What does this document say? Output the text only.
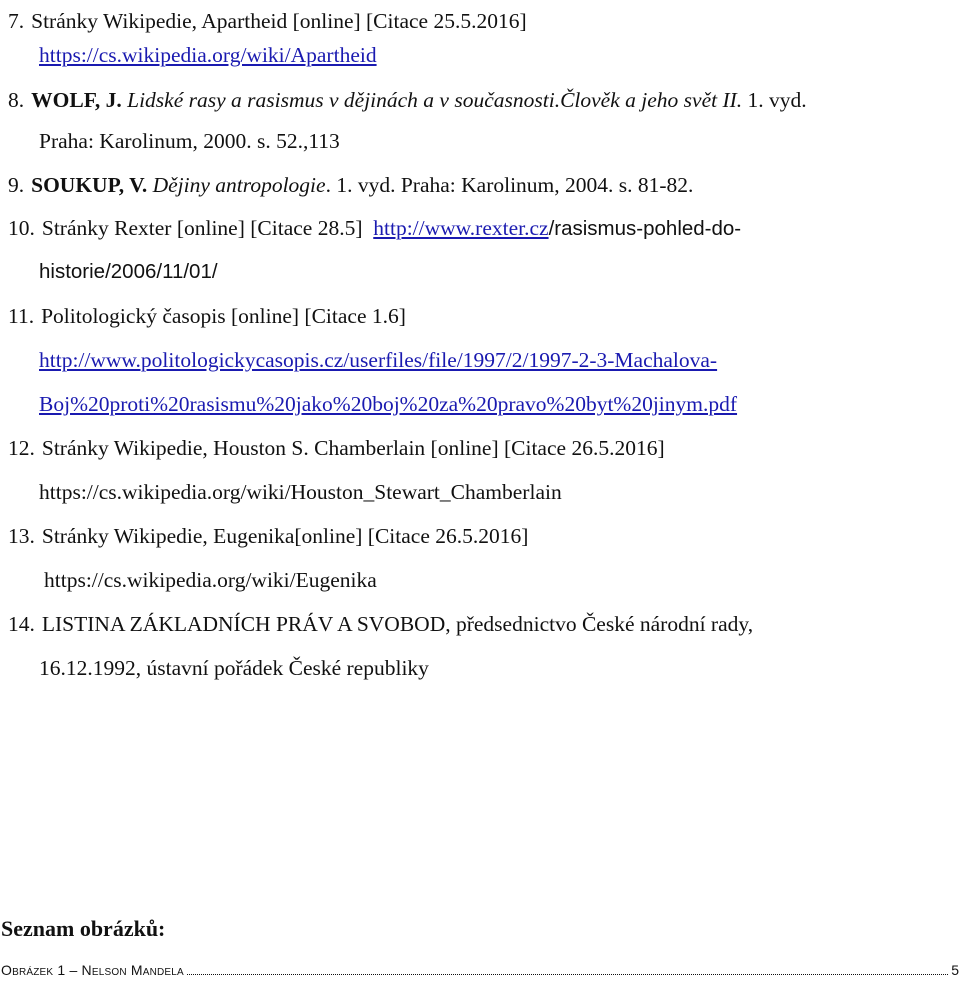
7. Stránky Wikipedie, Apartheid [online] [Citace 25.5.2016]
https://cs.wikipedia.org/wiki/Apartheid
8. WOLF, J. Lidské rasy a rasismus v dějinách a v současnosti.Člověk a jeho svět II. 1. vyd.
Praha: Karolinum, 2000. s. 52.,113
9. SOUKUP, V. Dějiny antropologie. 1. vyd. Praha: Karolinum, 2004. s. 81-82.
10. Stránky Rexter [online] [Citace 28.5] http://www.rexter.cz/rasismus-pohled-do-
historie/2006/11/01/
11. Politologický časopis [online] [Citace 1.6]
http://www.politologickycasopis.cz/userfiles/file/1997/2/1997-2-3-Machalova-
Boj%20proti%20rasismu%20jako%20boj%20za%20pravo%20byt%20jinym.pdf
12. Stránky Wikipedie, Houston S. Chamberlain [online] [Citace 26.5.2016]
https://cs.wikipedia.org/wiki/Houston_Stewart_Chamberlain
13. Stránky Wikipedie, Eugenika[online] [Citace 26.5.2016]
https://cs.wikipedia.org/wiki/Eugenika
14. LISTINA ZÁKLADNÍCH PRÁV A SVOBOD, předsednictvo České národní rady,
16.12.1992, ústavní pořádek České republiky
Seznam obrázků:
Obrázek 1 – Nelson Mandela	5
